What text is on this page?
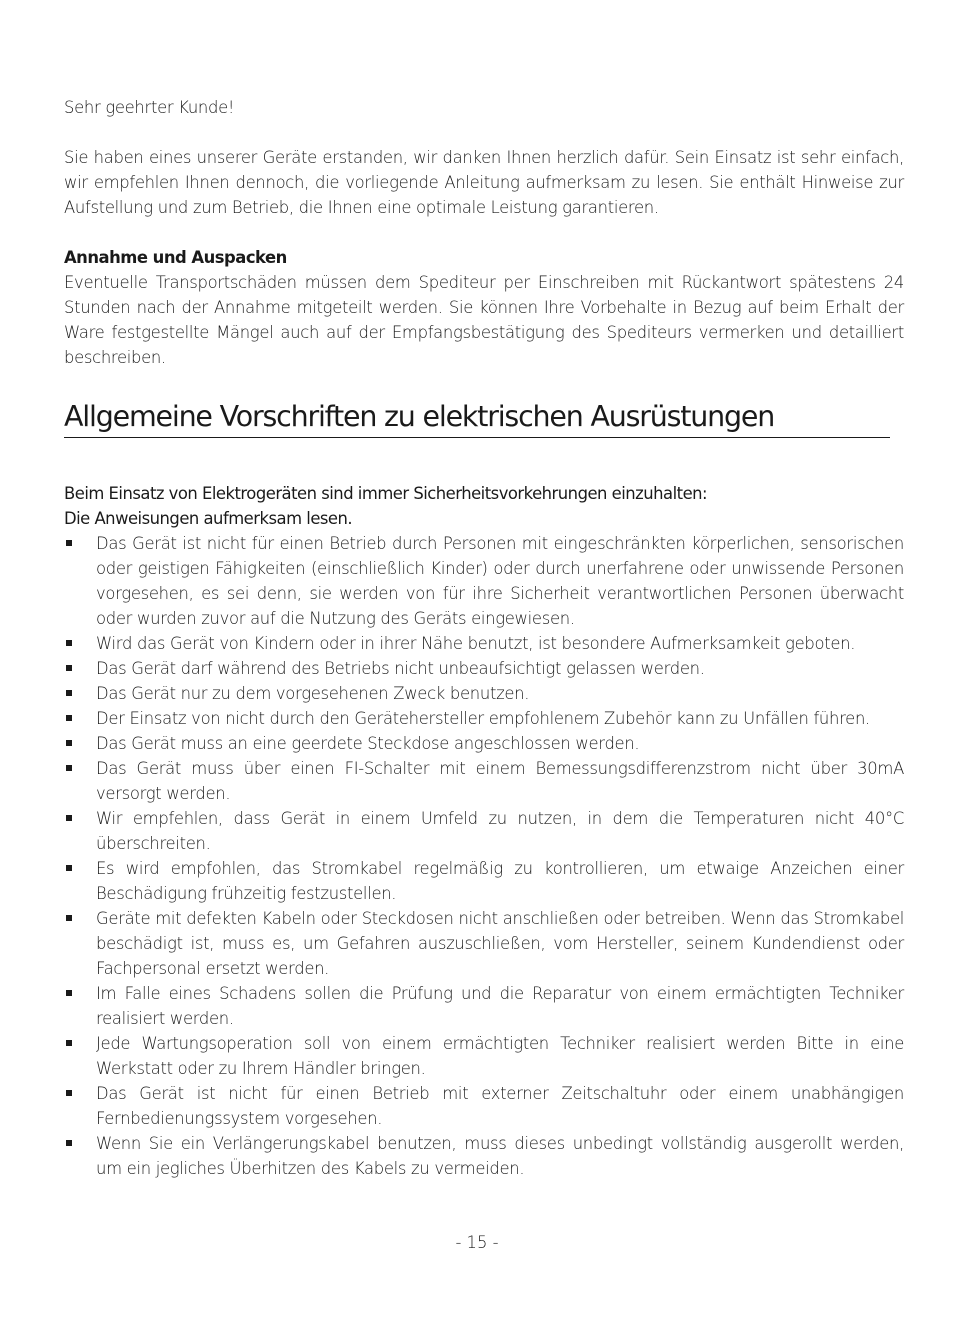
Sehr geehrter Kunde!

Sie haben eines unserer Geräte erstanden, wir danken Ihnen herzlich dafür. Sein Einsatz ist sehr einfach, wir empfehlen Ihnen dennoch, die vorliegende Anleitung aufmerksam zu lesen. Sie enthält Hinweise zur Aufstellung und zum Betrieb, die Ihnen eine optimale Leistung garantieren.

Annahme und Auspacken

Eventuelle Transportschäden müssen dem Spediteur per Einschreiben mit Rückantwort spätestens 24 Stunden nach der Annahme mitgeteilt werden. Sie können Ihre Vorbehalte in Bezug auf beim Erhalt der Ware festgestellte Mängel auch auf der Empfangsbestätigung des Spediteurs vermerken und detailliert beschreiben.

Allgemeine Vorschriften zu elektrischen Ausrüstungen

Beim Einsatz von Elektrogeräten sind immer Sicherheitsvorkehrungen einzuhalten:

Die Anweisungen aufmerksam lesen.

Das Gerät ist nicht für einen Betrieb durch Personen mit eingeschränkten körperlichen, sensorischen oder geistigen Fähigkeiten (einschließlich Kinder) oder durch unerfahrene oder unwissende Personen vorgesehen, es sei denn, sie werden von für ihre Sicherheit verantwortlichen Personen überwacht oder wurden zuvor auf die Nutzung des Geräts eingewiesen.
Wird das Gerät von Kindern oder in ihrer Nähe benutzt, ist besondere Aufmerksamkeit geboten.
Das Gerät darf während des Betriebs nicht unbeaufsichtigt gelassen werden.
Das Gerät nur zu dem vorgesehenen Zweck benutzen.
Der Einsatz von nicht durch den Gerätehersteller empfohlenem Zubehör kann zu Unfällen führen.
Das Gerät muss an eine geerdete Steckdose angeschlossen werden.
Das Gerät muss über einen FI-Schalter mit einem Bemessungsdifferenzstrom nicht über 30mA versorgt werden.
Wir empfehlen, dass Gerät in einem Umfeld zu nutzen, in dem die Temperaturen nicht 40°C überschreiten.
Es wird empfohlen, das Stromkabel regelmäßig zu kontrollieren, um etwaige Anzeichen einer Beschädigung frühzeitig festzustellen.
Geräte mit defekten Kabeln oder Steckdosen nicht anschließen oder betreiben. Wenn das Stromkabel beschädigt ist, muss es, um Gefahren auszuschließen, vom Hersteller, seinem Kundendienst oder Fachpersonal ersetzt werden.
Im Falle eines Schadens sollen die Prüfung und die Reparatur von einem ermächtigten Techniker realisiert werden.
Jede Wartungsoperation soll von einem ermächtigten Techniker realisiert werden Bitte in eine Werkstatt oder zu Ihrem Händler bringen.
Das Gerät ist nicht für einen Betrieb mit externer Zeitschaltuhr oder einem unabhängigen Fernbedienungssystem vorgesehen.
Wenn Sie ein Verlängerungskabel benutzen, muss dieses unbedingt vollständig ausgerollt werden, um ein jegliches Überhitzen des Kabels zu vermeiden.
- 15 -
